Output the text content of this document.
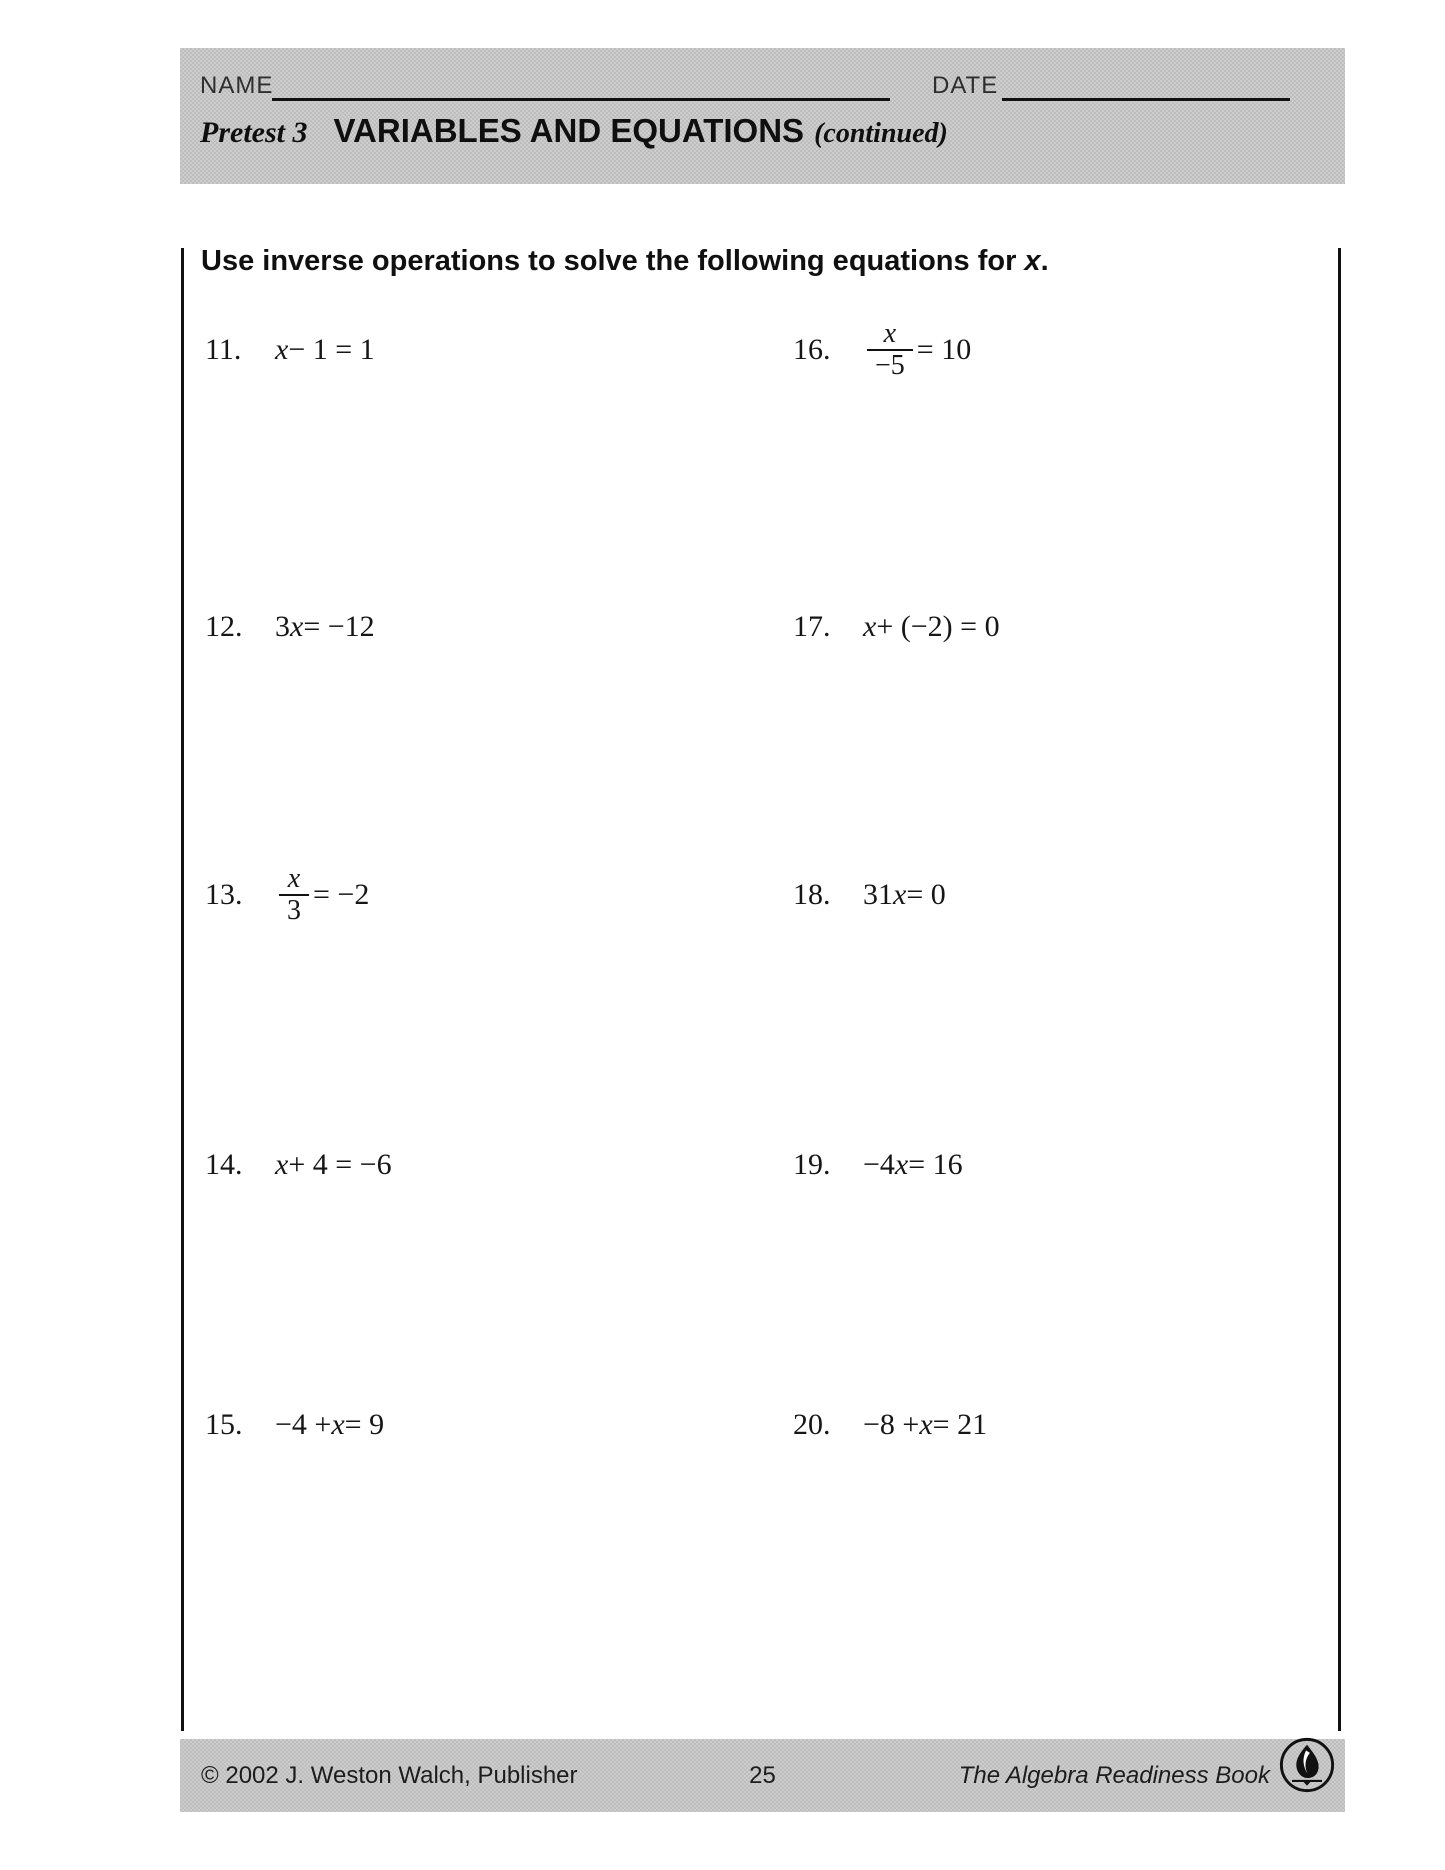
NAME	DATE
Pretest 3 VARIABLES AND EQUATIONS (continued)
Use inverse operations to solve the following equations for x.
11.	x − 1 = 1
12.	3 x = −12
13.	$\frac{x}{3} = -2$
14.	x + 4 = −6
15.	−4 + x = 9
16.	$\frac{x}{-5} = 10$
17.	x + (−2) = 0
18.	31 x = 0
19.	−4 x = 16
20.	−8 + x = 21
© 2002 J. Weston Walch, Publisher	25	The Algebra Readiness Book
